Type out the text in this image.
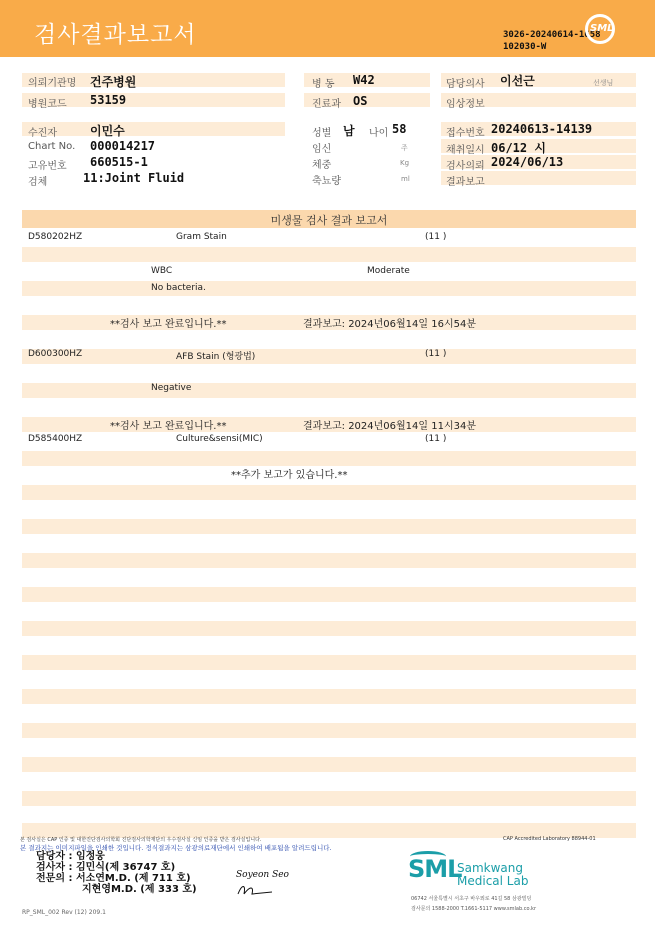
검사결과보고서	3026-20240614-1658
102030-W
SML
의뢰기관명 건주병원
병원코드 53159
병 동 W42
진료과 OS
담당의사 이선근	선생님
임상정보
수진자	이민수
Chart No. 000014217
고유번호 660515-1
검체	11:Joint Fluid
성별 남 나이 58
임신	주
체중	Kg
축뇨량	ml
접수번호 20240613-14139
채취일시 06/12 시
검사의뢰 2024/06/13
결과보고
미생물 검사 결과 보고서
D580202HZ	Gram Stain	(11 )
WBC	Moderate
No bacteria.
**검사 보고 완료입니다.**	결과보고: 2024년06월14일 16시54분
D600300HZ	AFB Stain (형광법)	(11 )
Negative
**검사 보고 완료입니다.**	결과보고: 2024년06월14일 11시34분
D585400HZ	Culture&sensi(MIC)	(11 )
**추가 보고가 있습니다.**
본 검사실은 CAP 인증 및 대한진단검사의학회 진단검사의학재단의 우수검사실 신임 인증을 받은 검사실입니다.	CAP Accredited Laboratory 88944-01
본 결과지는 이미지파일을 인쇄한 것입니다. 정식결과지는 삼광의료재단에서 인쇄하여 배포됨을 알려드립니다.
담당자 : 임정웅
검사자 : 김민식(제 36747 호)
전문의 : 서소연M.D. (제 711 호)
지현영M.D. (제 333 호)
Soyeon Seo	SML
Samkwang
Medical Lab
06742 서울특별시 서초구 바우뫼로 41길 58 삼광빌딩
검사문의 1588-2000 T.1661-5117 www.smlab.co.kr
RP_SML_002 Rev (12) 209.1
